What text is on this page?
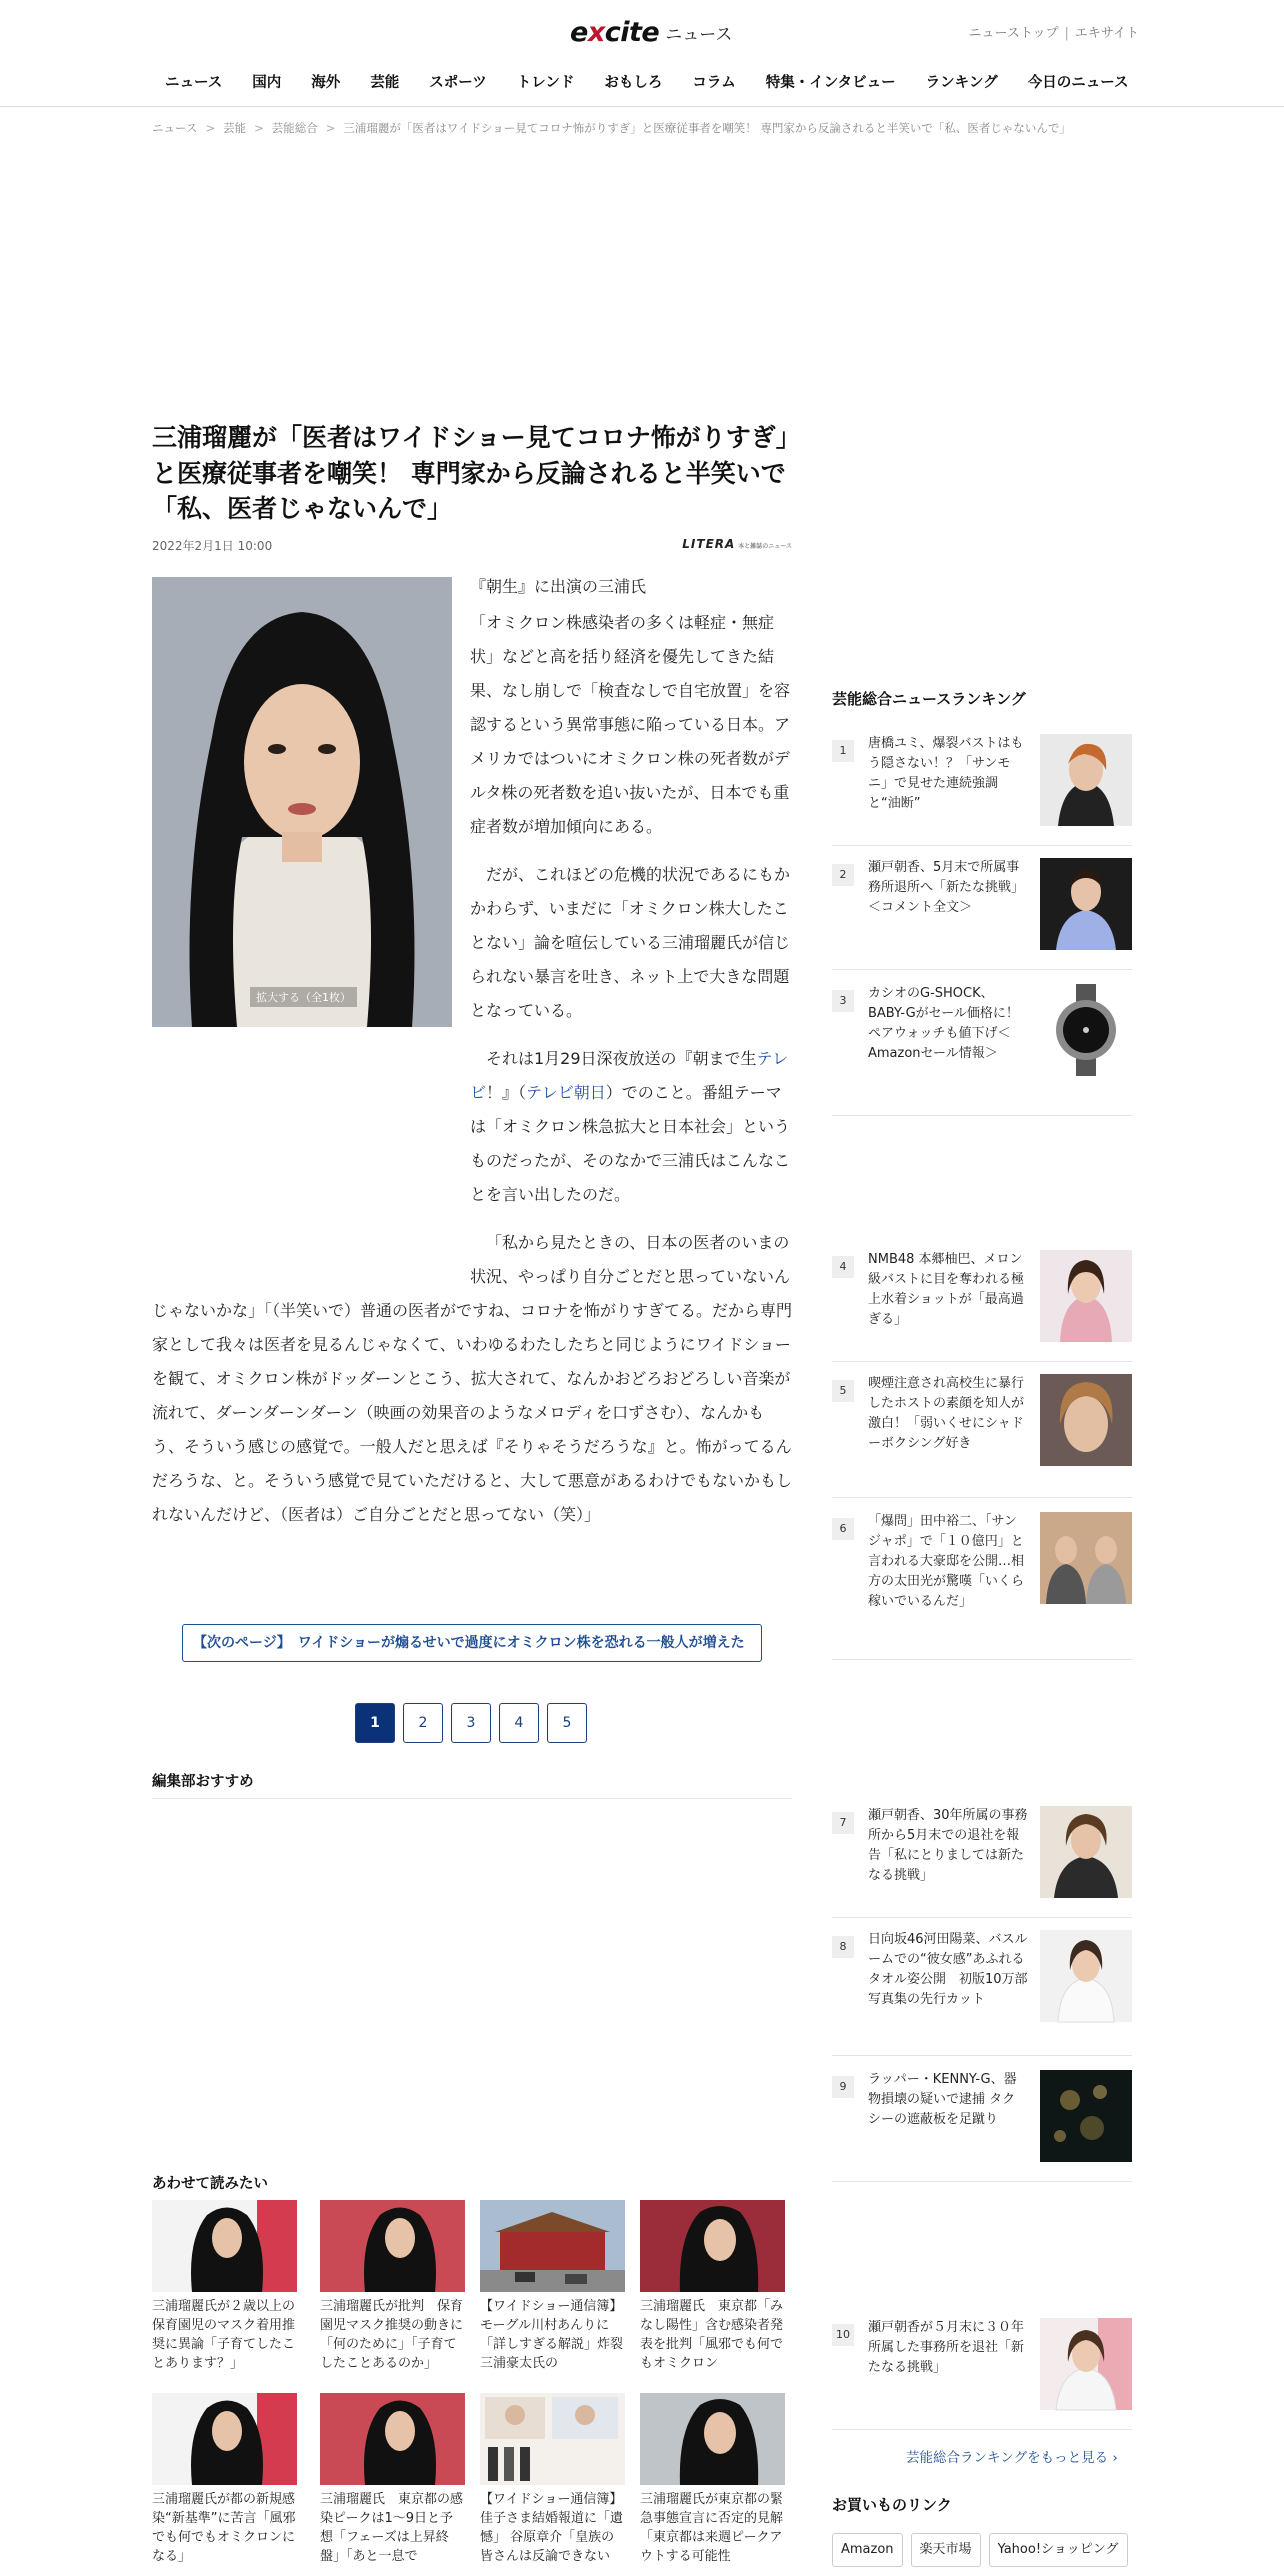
excite ニュース	ニューストップ | エキサイト
ニュース	国内	海外	芸能	スポーツ	トレンド	おもしろ	コラム	特集・インタビュー	ランキング	今日のニュース
ニュース > 芸能 > 芸能総合 > 三浦瑠麗が「医者はワイドショー見てコロナ怖がりすぎ」と医療従事者を嘲笑！ 専門家から反論されると半笑いで「私、医者じゃないんで」
三浦瑠麗が「医者はワイドショー見てコロナ怖がりすぎ」と医療従事者を嘲笑！ 専門家から反論されると半笑いで「私、医者じゃないんで」
2022年2月1日 10:00	LITERA 本と雑誌のニュース

『朝生』に出演の三浦氏

「オミクロン株感染者の多くは軽症・無症状」などと高を括り経済を優先してきた結果、なし崩しで「検査なしで自宅放置」を容認するという異常事態に陥っている日本。アメリカではついにオミクロン株の死者数がデルタ株の死者数を追い抜いたが、日本でも重症者数が増加傾向にある。

だが、これほどの危機的状況であるにもかかわらず、いまだに「オミクロン株大したことない」論を喧伝している三浦瑠麗氏が信じられない暴言を吐き、ネット上で大きな問題となっている。

それは1月29日深夜放送の『朝まで生テレビ！』（テレビ朝日）でのこと。番組テーマは「オミクロン株急拡大と日本社会」というものだったが、そのなかで三浦氏はこんなことを言い出したのだ。

「私から見たときの、日本の医者のいまの状況、やっぱり自分ごとだと思っていないんじゃないかな」「（半笑いで）普通の医者がですね、コロナを怖がりすぎてる。だから専門家として我々は医者を見るんじゃなくて、いわゆるわたしたちと同じようにワイドショーを観て、オミクロン株がドッダーンとこう、拡大されて、なんかおどろおどろしい音楽が流れて、ダーンダーンダーン（映画の効果音のようなメロディを口ずさむ）、なんかもう、そういう感じの感覚で。一般人だと思えば『そりゃそうだろうな』と。怖がってるんだろうな、と。そういう感覚で見ていただけると、大して悪意があるわけでもないかもしれないんだけど、（医者は）ご自分ごとだと思ってない（笑）」

拡大する（全1枚）
【次のページ】　ワイドショーが煽るせいで過度にオミクロン株を恐れる一般人が増えた
1	2	3	4	5
編集部おすすめ
あわせて読みたい
三浦瑠麗氏が２歳以上の保育園児のマスク着用推奨に異論「子育てしたことあります？」
三浦瑠麗氏が批判　保育園児マスク推奨の動きに「何のために」「子育てしたことあるのか」
【ワイドショー通信簿】モーグル川村あんりに「詳しすぎる解説」炸裂　三浦豪太氏の
三浦瑠麗氏　東京都「みなし陽性」含む感染者発表を批判「風邪でも何でもオミクロン
三浦瑠麗氏が都の新規感染“新基準”に苦言「風邪でも何でもオミクロンになる」
三浦瑠麗氏　東京都の感染ピークは1～9日と予想「フェーズは上昇終盤」「あと一息で
【ワイドショー通信簿】佳子さま結婚報道に「遺憾」 谷原章介「皇族の皆さんは反論できない
三浦瑠麗氏が東京都の緊急事態宣言に否定的見解「東京都は来週ピークアウトする可能性
芸能総合ニュースランキング
1	唐橋ユミ、爆裂バストはもう隠さない！？「サンモニ」で見せた連続強調と“油断”
2	瀬戸朝香、5月末で所属事務所退所へ「新たな挑戦」＜コメント全文＞
3	カシオのG-SHOCK、BABY-Gがセール価格に！ ペアウォッチも値下げ＜Amazonセール情報＞
4	NMB48 本郷柚巴、メロン級バストに目を奪われる極上水着ショットが「最高過ぎる」
5	喫煙注意され高校生に暴行したホストの素顔を知人が激白！「弱いくせにシャドーボクシング好き
6	「爆問」田中裕二、「サンジャポ」で「１０億円」と言われる大豪邸を公開…相方の太田光が驚嘆「いくら稼いでいるんだ」
7	瀬戸朝香、30年所属の事務所から5月末での退社を報告「私にとりましては新たなる挑戦」
8	日向坂46河田陽菜、バスルームでの“彼女感”あふれるタオル姿公開　初版10万部写真集の先行カット
9	ラッパー・KENNY-G、器物損壊の疑いで逮捕 タクシーの遮蔽板を足蹴り
10	瀬戸朝香が５月末に３０年所属した事務所を退社「新たなる挑戦」
芸能総合ランキングをもっと見る ›
お買いものリンク
Amazon	楽天市場	Yahoo!ショッピング
